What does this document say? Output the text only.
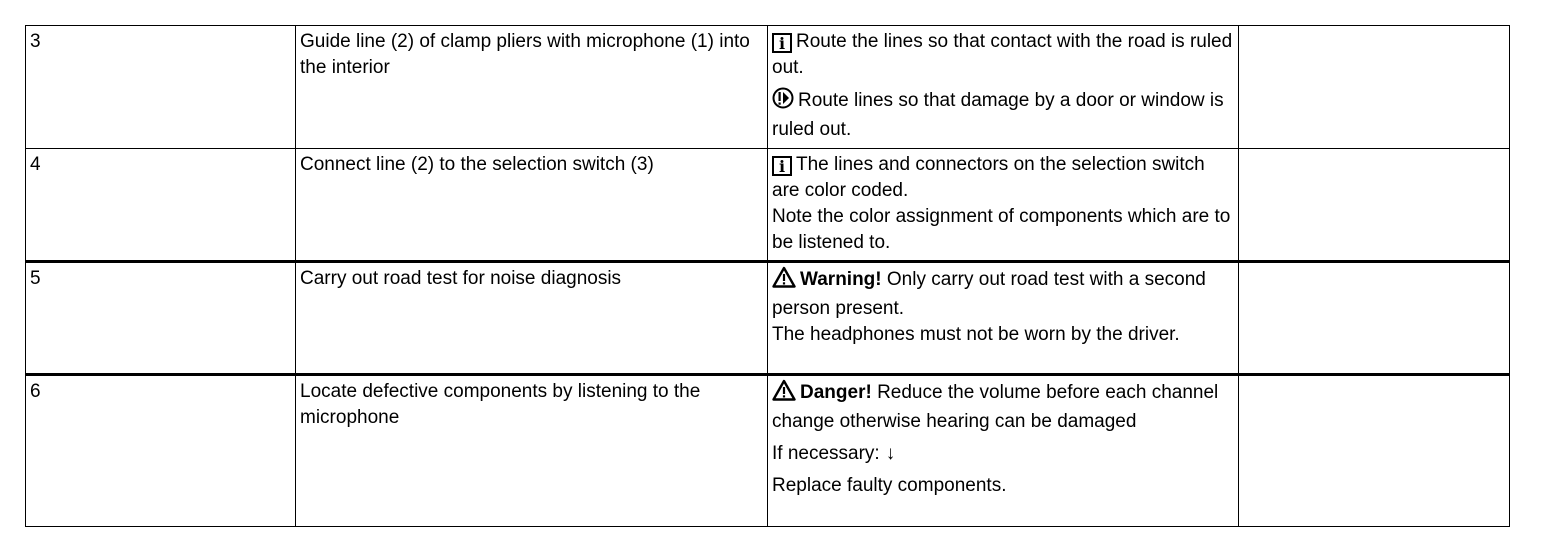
3	Guide line (2) of clamp pliers with microphone (1) into the interior	i Route the lines so that contact with the road is ruled out.

Route lines so that damage by a door or window is ruled out.	

4	Connect line (2) to the selection switch (3)	i The lines and connectors on the selection switch are color coded.

Note the color assignment of components which are to be listened to.	

5	Carry out road test for noise diagnosis	Warning! Only carry out road test with a second person present.

The headphones must not be worn by the driver.	

6	Locate defective components by listening to the microphone	Danger! Reduce the volume before each channel change otherwise hearing can be damaged

If necessary: ↓

Replace faulty components.	
